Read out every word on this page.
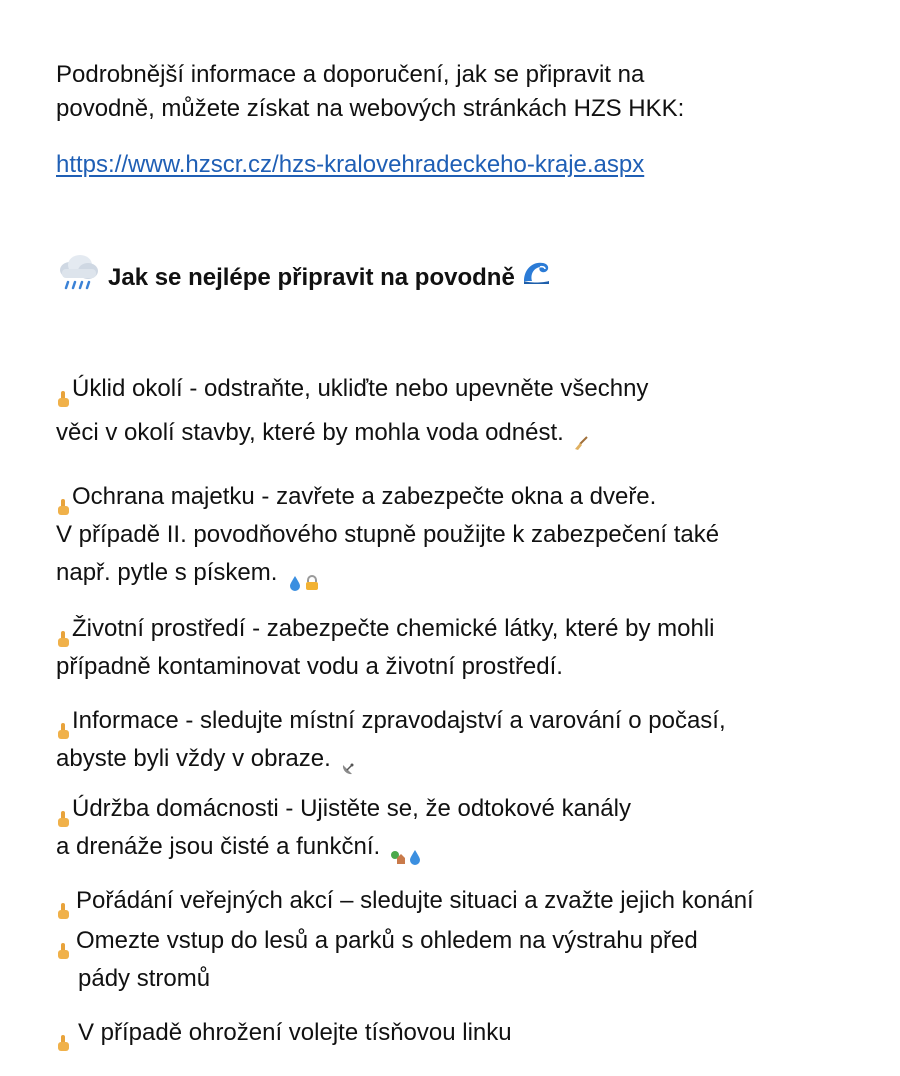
Podrobnější informace a doporučení, jak se připravit na
povodně, můžete získat na webových stránkách HZS HKK:
https://www.hzscr.cz/hzs-kralovehradeckeho-kraje.aspx
Jak se nejlépe připravit na povodně
Úklid okolí - odstraňte, ukliďte nebo upevněte všechny
věci v okolí stavby, které by mohla voda odnést.
Ochrana majetku - zavřete a zabezpečte okna a dveře.
V případě II. povodňového stupně použijte k zabezpečení také
např. pytle s pískem.
Životní prostředí - zabezpečte chemické látky, které by mohli
případně kontaminovat vodu a životní prostředí.
Informace - sledujte místní zpravodajství a varování o počasí,
abyste byli vždy v obraze.
Údržba domácnosti - Ujistěte se, že odtokové kanály
a drenáže jsou čisté a funkční.
Pořádání veřejných akcí – sledujte situaci a zvažte jejich konání
Omezte vstup do lesů a parků s ohledem na výstrahu před
pády stromů
V případě ohrožení volejte tísňovou linku
